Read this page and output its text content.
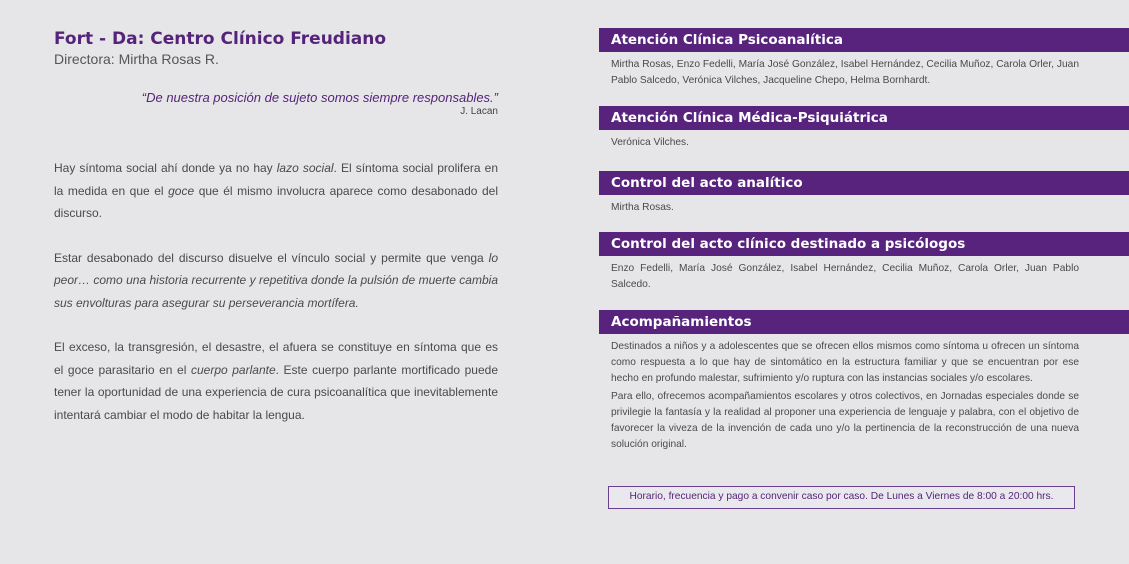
Fort - Da: Centro Clínico Freudiano

Directora: Mirtha Rosas R.

“De nuestra posición de sujeto somos siempre responsables.”
J. Lacan

Hay síntoma social ahí donde ya no hay lazo social. El síntoma social prolifera en la medida en que el goce que él mismo involucra aparece como desabonado del discurso.

Estar desabonado del discurso disuelve el vínculo social y permite que venga lo peor… como una historia recurrente y repetitiva donde la pulsión de muerte cambia sus envolturas para asegurar su perseverancia mortífera.

El exceso, la transgresión, el desastre, el afuera se constituye en síntoma que es el goce parasitario en el cuerpo parlante. Este cuerpo parlante mortificado puede tener la oportunidad de una experiencia de cura psicoanalítica que inevitablemente intentará cambiar el modo de habitar la lengua.

Atención Clínica Psicoanalítica

Mirtha Rosas, Enzo Fedelli, María José González, Isabel Hernández, Cecilia Muñoz, Carola Orler, Juan Pablo Salcedo, Verónica Vilches, Jacqueline Chepo, Helma Bornhardt.

Atención Clínica Médica-Psiquiátrica

Verónica Vilches.

Control del acto analítico

Mirtha Rosas.

Control del acto clínico destinado a psicólogos

Enzo Fedelli, María José González, Isabel Hernández, Cecilia Muñoz, Carola Orler, Juan Pablo Salcedo.

Acompañamientos

Destinados a niños y a adolescentes que se ofrecen ellos mismos como síntoma u ofrecen un síntoma como respuesta a lo que hay de sintomático en la estructura familiar y que se encuentran por ese hecho en profundo malestar, sufrimiento y/o ruptura con las instancias sociales y/o escolares.

Para ello, ofrecemos acompañamientos escolares y otros colectivos, en Jornadas especiales donde se privilegie la fantasía y la realidad al proponer una experiencia de lenguaje y palabra, con el objetivo de favorecer la viveza de la invención de cada uno y/o la pertinencia de la reconstrucción de una nueva solución original.

Horario, frecuencia y pago a convenir caso por caso. De Lunes a Viernes de 8:00 a 20:00 hrs.
